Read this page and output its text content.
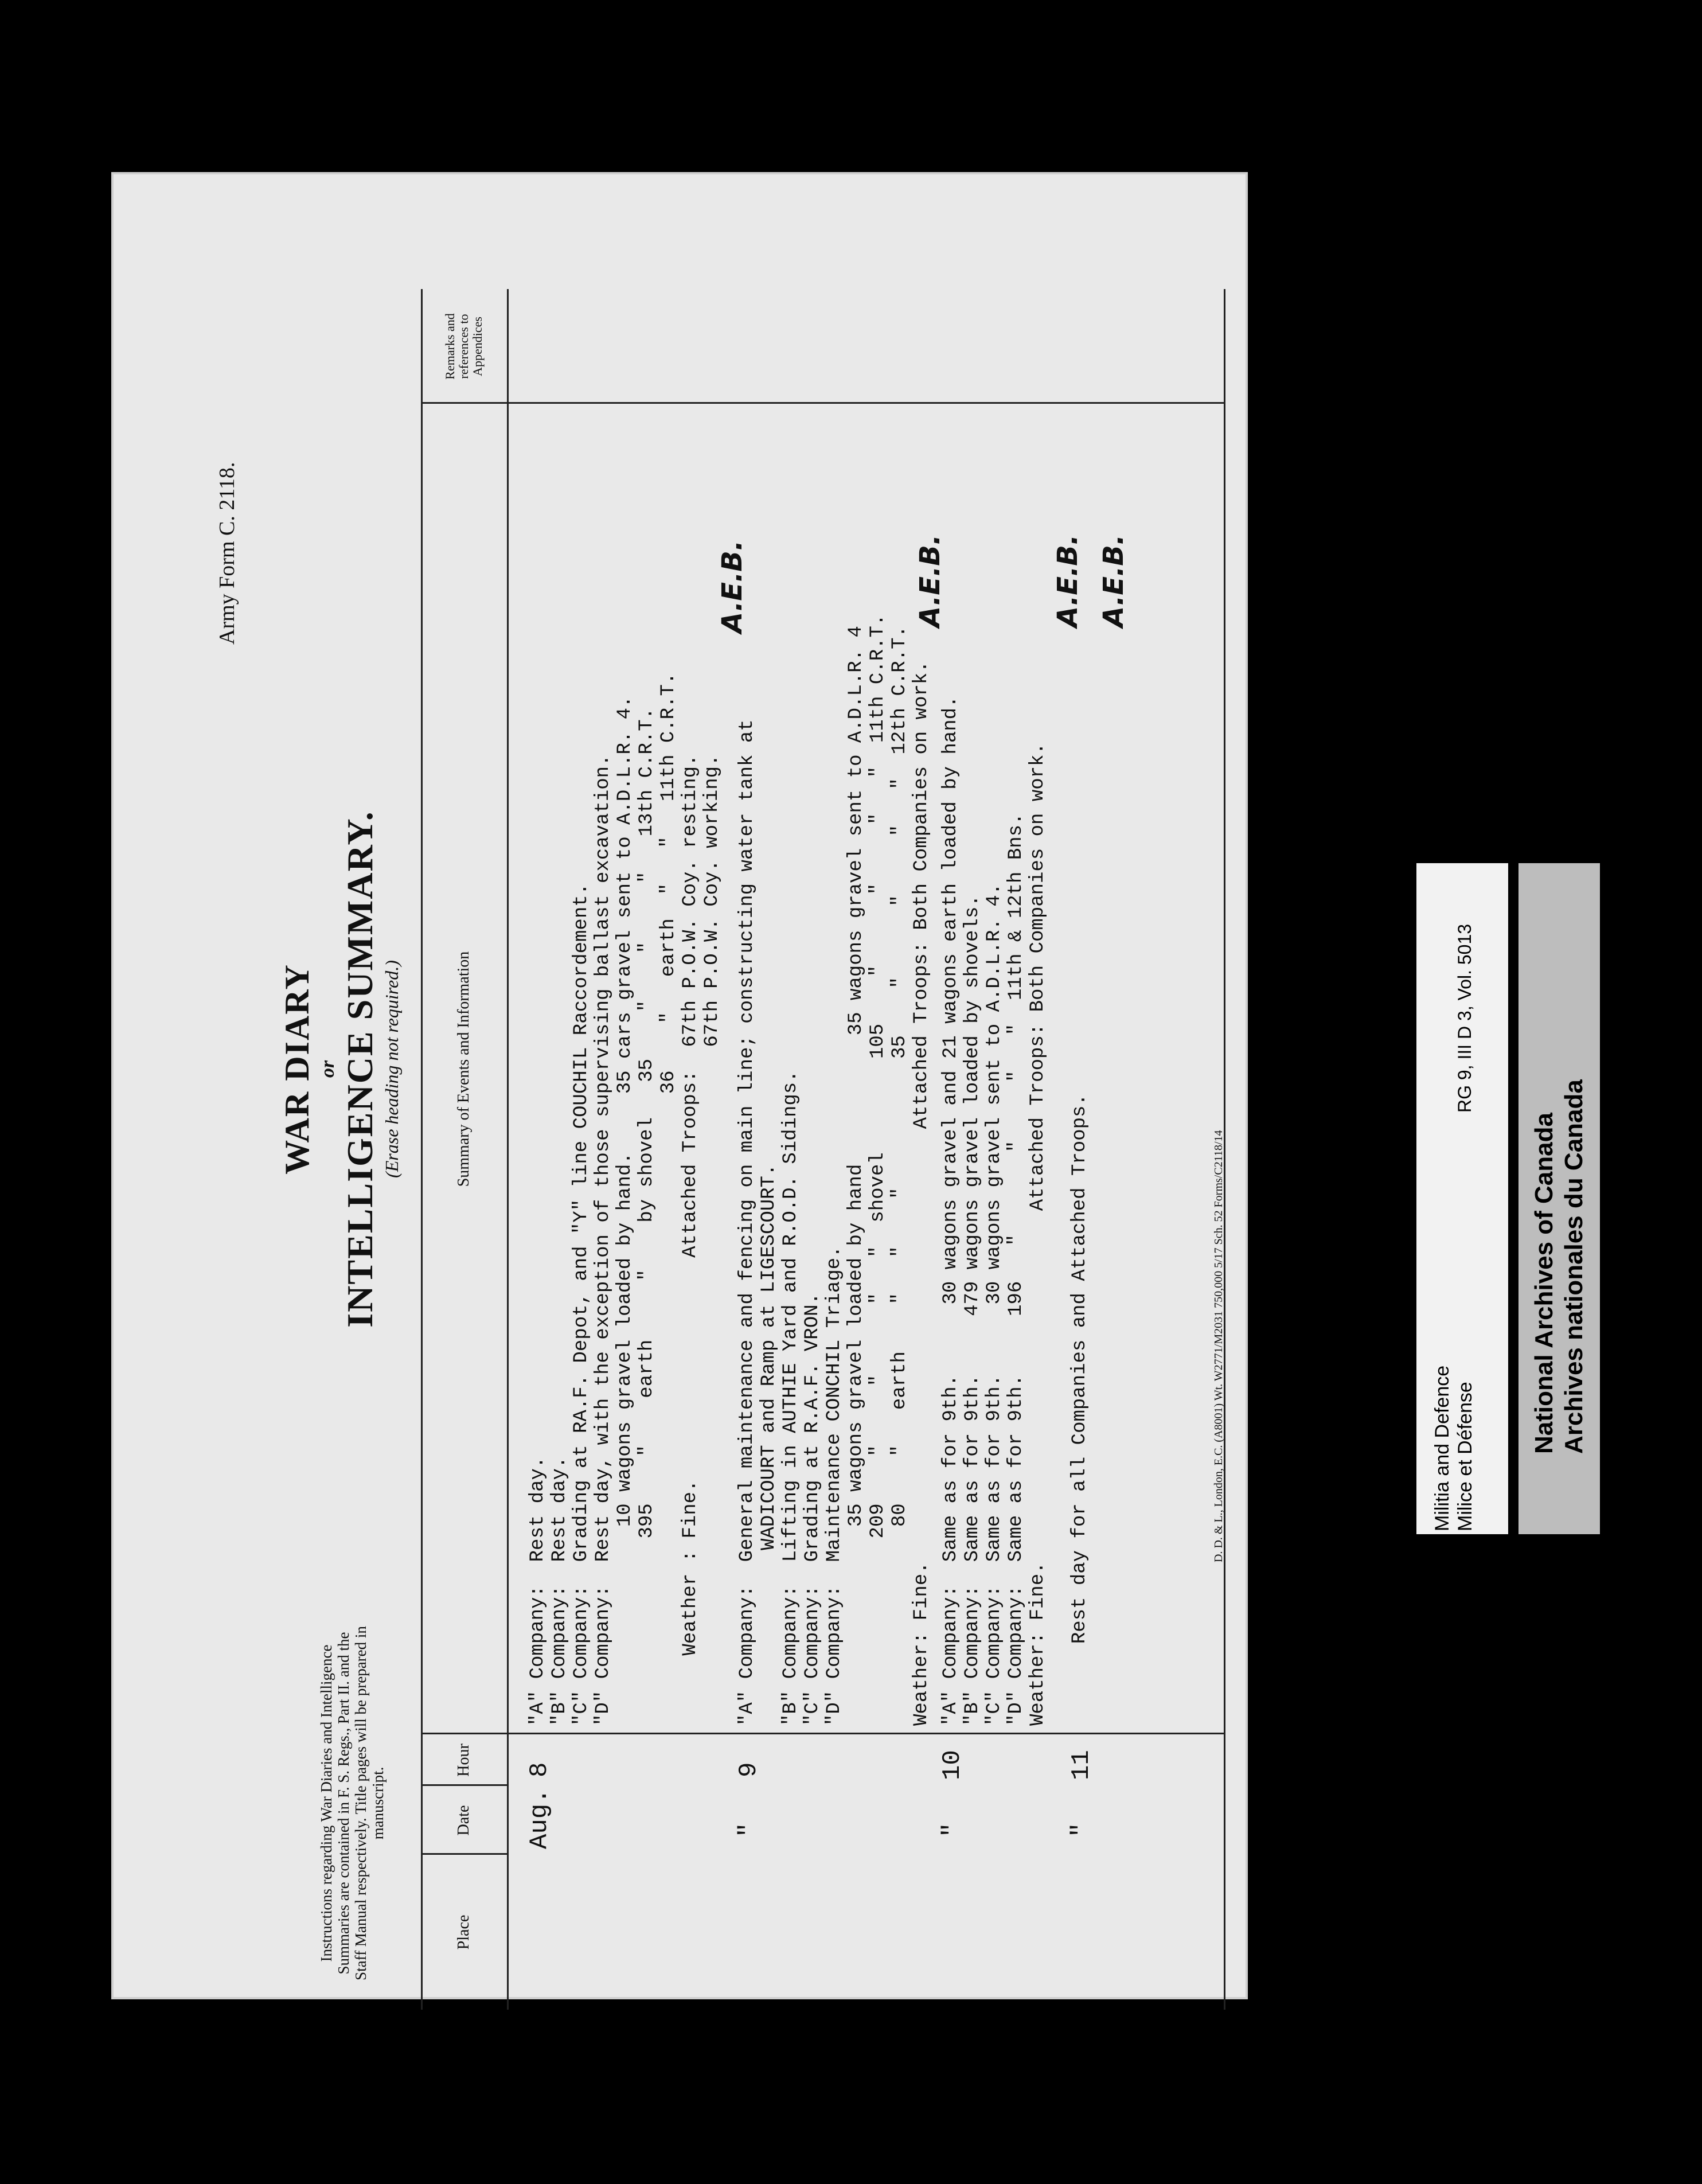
Army Form C. 2118.
WAR DIARY or INTELLIGENCE SUMMARY. (Erase heading not required.)
Instructions regarding War Diaries and Intelligence Summaries are contained in F. S. Regs., Part II. and the Staff Manual respectively. Title pages will be prepared in manuscript.
Place
Date
Hour
Summary of Events and Information
Remarks and references to Appendices
Aug.
8
"A" Company:  Rest day. "B" Company:  Rest day. "C" Company:  Grading at RA.F. Depot, and "Y" line COUCHIL Raccordement. "D" Company:  Rest day, with the exception of those supervising ballast excavation. 10 wagons gravel loaded by hand.     35 cars gravel sent to A.D.L.R. 4. 395    "    earth     "    by shovel   35    "    "     "   13th C.R.T. 36    "   earth  "   "   11th C.R.T. Weather : Fine.                   Attached Troops:  67th P.O.W. Coy. resting. 67th P.O.W. Coy. working.
A.E.B.
"
9
"A" Company:  General maintenance and fencing on main line; constructing water tank at WADICOURT and Ramp at LIGESCOURT. "B" Company:  Lifting in AUTHIE Yard and R.O.D. Sidings. "C" Company:  Grading at R.A.F. VRON. "D" Company:  Maintenance CONCHIL Triage. 35 wagons gravel loaded by hand           35 wagons gravel sent to A.D.L.R. 4 209    "     "      "   "  shovel        105    "      "     "   "  11th C.R.T. 80    "   earth    "   "    "           35    "      "     "   "  12th C.R.T. Weather: Fine.                                     Attached Troops: Both Companies on work.
A.E.B.
"
10
"A" Company:  Same as for 9th.      30 wagons gravel and 21 wagons earth loaded by hand. "B" Company:  Same as for 9th.     479 wagons gravel loaded by shovels. "C" Company:  Same as for 9th.      30 wagons gravel sent to A.D.L.R. 4. "D" Company:  Same as for 9th.     196   "       "     "   "  11th & 12th Bns. Weather: Fine.                              Attached Troops: Both Companies on work.
A.E.B.
"
11
Rest day for all Companies and Attached Troops.
A.E.B.
D. D. & L., London, E.C. (A8001) Wt. W2771/M2031 750,000 5/17 Sch. 52 Forms/C2118/14	Militia and Defence Milice et Défense
RG 9, III D 3, Vol. 5013
National Archives of Canada Archives nationales du Canada
